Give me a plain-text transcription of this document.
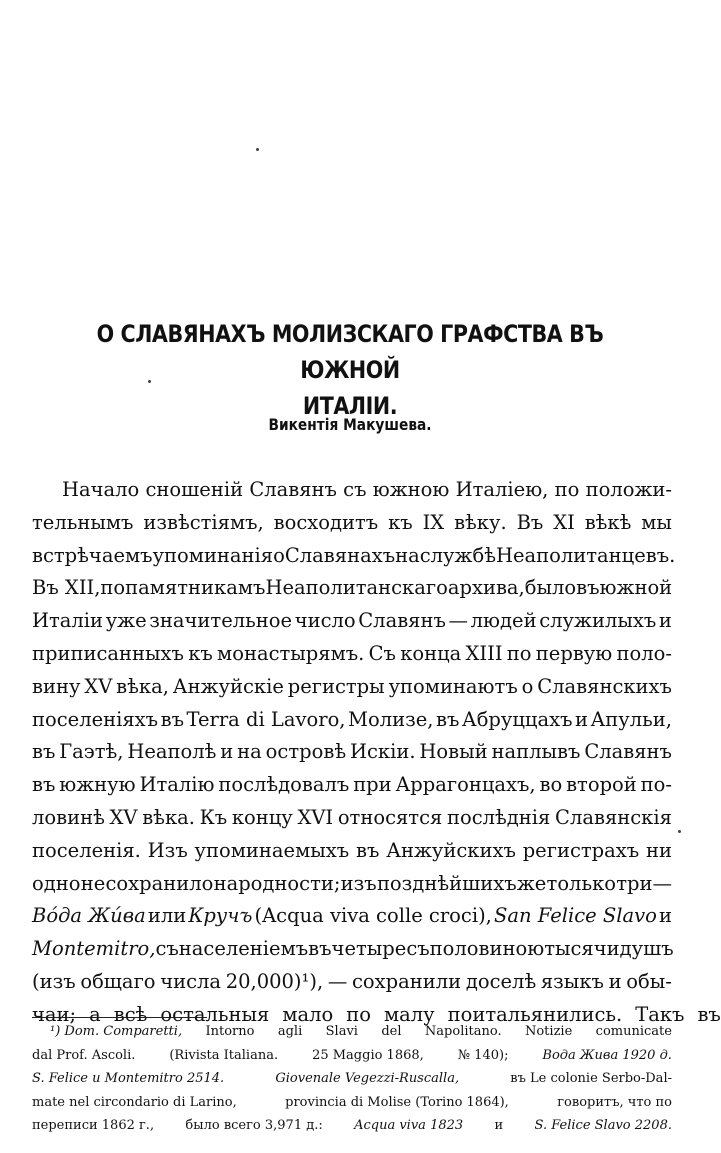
О СЛАВЯНАХЪ МОЛИЗСКАГО ГРАФСТВА ВЪ ЮЖНОЙ
ИТАЛІИ.
Викентія Макушева.
Начало сношеній Славянъ съ южною Италіею, по положи-
тельнымъ извѣстіямъ, восходитъ къ IX вѣку. Въ XI вѣкѣ мы
встрѣчаемъ упоминанія о Славянахъ на службѣ Неаполитанцевъ.
Въ XII, по памятникамъ Неаполитанскаго архива, было въ южной
Италіи уже значительное число Славянъ — людей служилыхъ и
приписанныхъ къ монастырямъ. Съ конца XIII по первую поло-
вину XV вѣка, Анжуйскіе регистры упоминаютъ о Славянскихъ
поселеніяхъ въ Terra di Lavoro, Молизе, въ Абруццахъ и Апульи,
въ Гаэтѣ, Неаполѣ и на островѣ Искіи. Новый наплывъ Славянъ
въ южную Италію послѣдовалъ при Аррагонцахъ, во второй по-
ловинѣ XV вѣка. Къ концу XVI относятся послѣднія Славянскія
поселенія. Изъ упоминаемыхъ въ Анжуйскихъ регистрахъ ни
одно не сохранило народности; изъ позднѣйшихъ же только три—
Вóда Жúва или Кручъ (Acqua viva colle croci), San Felice Slavo и
Montemitro, съ населеніемъ въ четыре съ половиною тысячи душъ
(изъ общаго числа 20,000)¹), — сохранили доселѣ языкъ и обы-
чаи; а всѣ остальныя мало по малу поитальянились. Такъ въ
¹) Dom. Comparetti, Intorno agli Slavi del Napolitano. Notizie comunicate
dal Prof. Ascoli.	(Rivista Italiana.	25 Maggio 1868,	№ 140);	Вода Жива 1920 д.
S. Felice и Montemitro 2514.	Giovenale Vegezzi-Ruscalla,	въ Le colonie Serbo-Dal-
mate nel circondario di Larino,	provincia di Molise (Torino 1864),	говоритъ, что по
переписи 1862 г., было всего 3,971 д.: Acqua viva 1823 и S. Felice Slavo 2208.
